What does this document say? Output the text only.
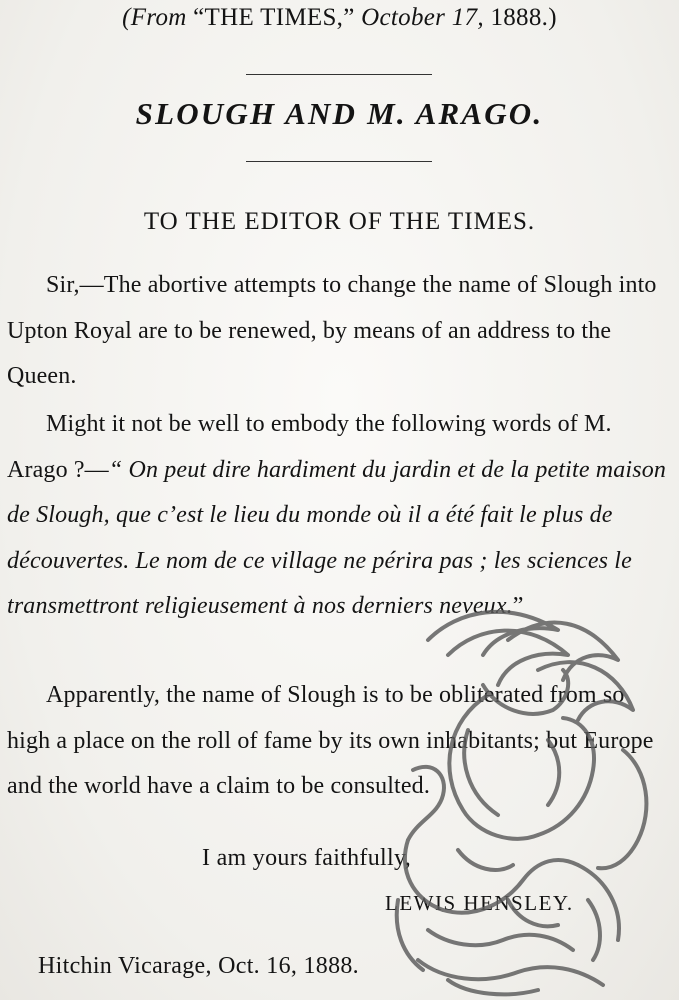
(From “THE TIMES,” October 17, 1888.)
SLOUGH AND M. ARAGO.
TO THE EDITOR OF THE TIMES.
Sir,—The abortive attempts to change the name of Slough into Upton Royal are to be renewed, by means of an address to the Queen.
Might it not be well to embody the following words of M. Arago ?—“ On peut dire hardiment du jardin et de la petite maison de Slough, que c’est le lieu du monde où il a été fait le plus de découvertes. Le nom de ce village ne périra pas ; les sciences le transmettront religieusement à nos derniers neveux.”
Apparently, the name of Slough is to be obliterated from so high a place on the roll of fame by its own inhabitants; but Europe and the world have a claim to be consulted.
I am yours faithfully,
LEWIS HENSLEY.
Hitchin Vicarage, Oct. 16, 1888.
